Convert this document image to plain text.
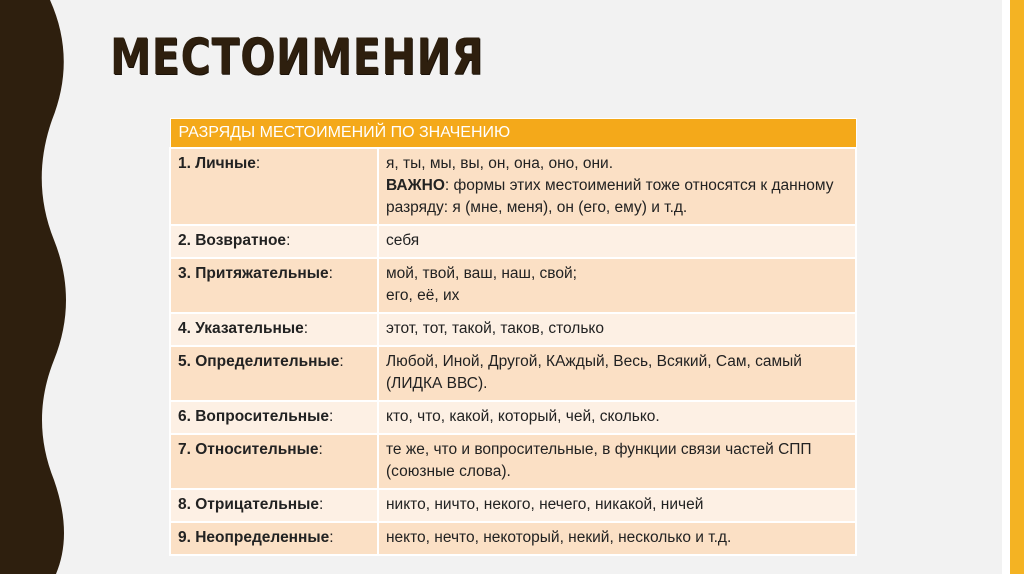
МЕСТОИМЕНИЯ
РАЗРЯДЫ МЕСТОИМЕНИЙ ПО ЗНАЧЕНИЮ	
1. Личные:	я, ты, мы, вы, он, она, оно, они.
ВАЖНО: формы этих местоимений тоже относятся к данному разряду: я (мне, меня), он (его, ему) и т.д.

2. Возвратное:	себя

3. Притяжательные:	мой, твой, ваш, наш, свой;
его, её, их

4. Указательные:	этот, тот, такой, таков, столько

5. Определительные:	Любой, Иной, Другой, КАждый, Весь, Всякий, Сам, самый (ЛИДКА ВВС).

6. Вопросительные:	кто, что, какой, который, чей, сколько.

7. Относительные:	те же, что и вопросительные, в функции связи частей СПП (союзные слова).

8. Отрицательные:	никто, ничто, некого, нечего, никакой, ничей

9. Неопределенные:	некто, нечто, некоторый, некий, несколько и т.д.
